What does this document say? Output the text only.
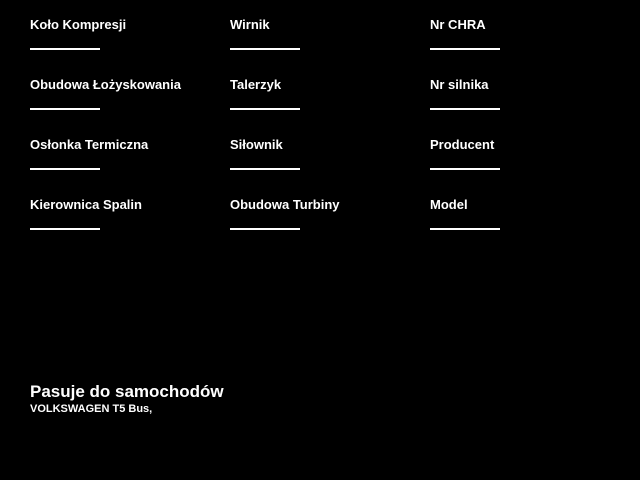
Koło Kompresji	Wirnik	Nr CHRA
Obudowa Łożyskowania	Talerzyk	Nr silnika
Osłonka Termiczna	Siłownik	Producent
Kierownica Spalin	Obudowa Turbiny	Model
Pasuje do samochodów
VOLKSWAGEN T5 Bus,
